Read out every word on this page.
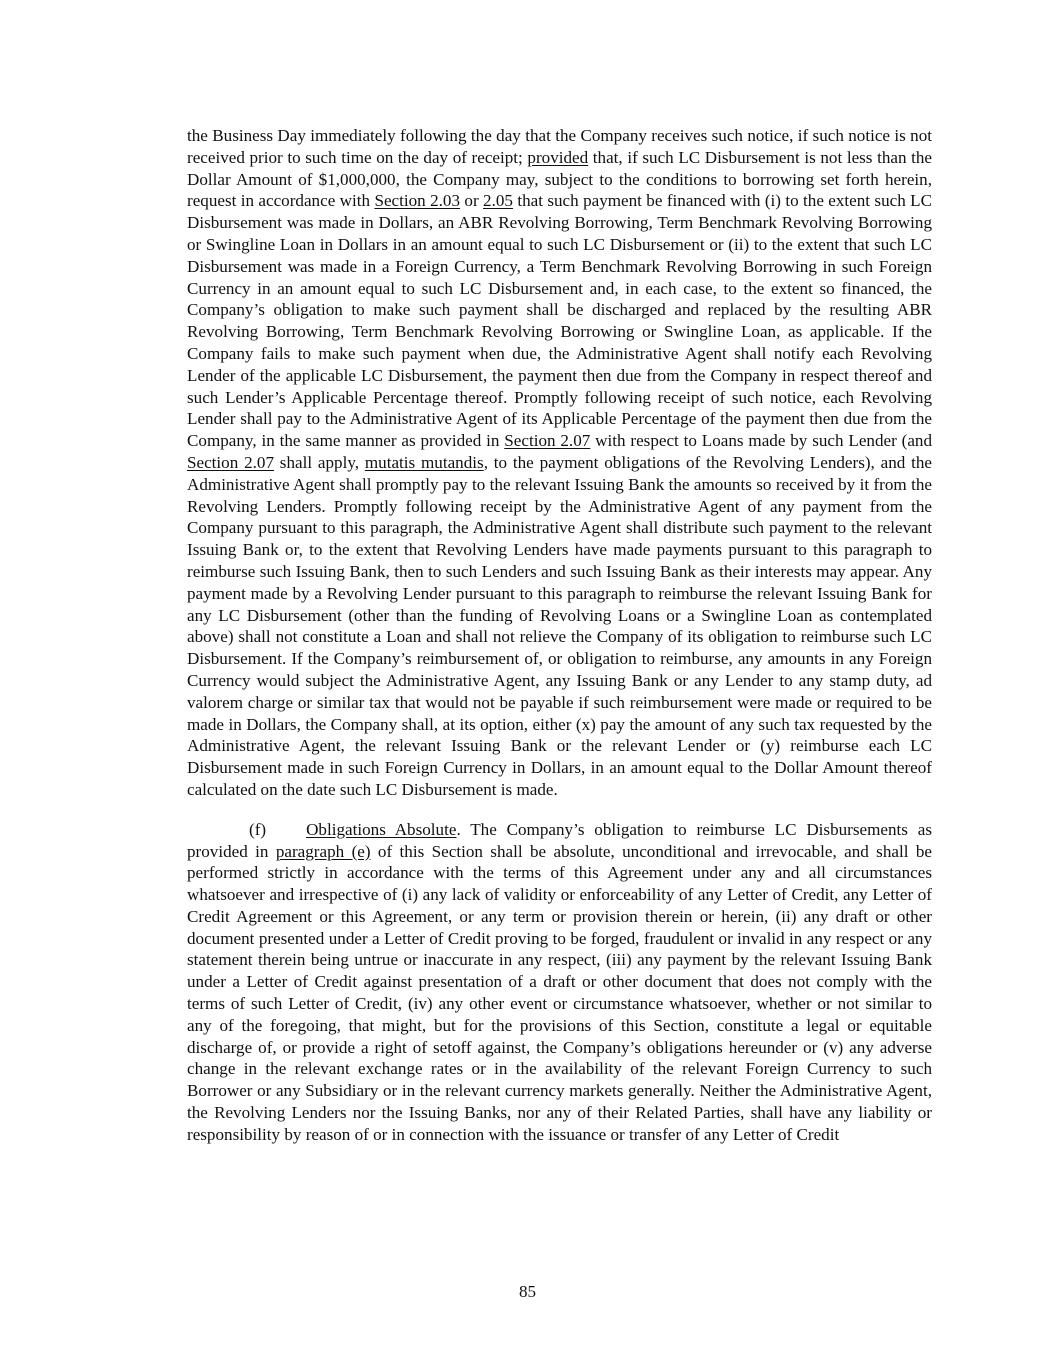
the Business Day immediately following the day that the Company receives such notice, if such notice is not received prior to such time on the day of receipt; provided that, if such LC Disbursement is not less than the Dollar Amount of $1,000,000, the Company may, subject to the conditions to borrowing set forth herein, request in accordance with Section 2.03 or 2.05 that such payment be financed with (i) to the extent such LC Disbursement was made in Dollars, an ABR Revolving Borrowing, Term Benchmark Revolving Borrowing or Swingline Loan in Dollars in an amount equal to such LC Disbursement or (ii) to the extent that such LC Disbursement was made in a Foreign Currency, a Term Benchmark Revolving Borrowing in such Foreign Currency in an amount equal to such LC Disbursement and, in each case, to the extent so financed, the Company’s obligation to make such payment shall be discharged and replaced by the resulting ABR Revolving Borrowing, Term Benchmark Revolving Borrowing or Swingline Loan, as applicable. If the Company fails to make such payment when due, the Administrative Agent shall notify each Revolving Lender of the applicable LC Disbursement, the payment then due from the Company in respect thereof and such Lender’s Applicable Percentage thereof. Promptly following receipt of such notice, each Revolving Lender shall pay to the Administrative Agent of its Applicable Percentage of the payment then due from the Company, in the same manner as provided in Section 2.07 with respect to Loans made by such Lender (and Section 2.07 shall apply, mutatis mutandis, to the payment obligations of the Revolving Lenders), and the Administrative Agent shall promptly pay to the relevant Issuing Bank the amounts so received by it from the Revolving Lenders. Promptly following receipt by the Administrative Agent of any payment from the Company pursuant to this paragraph, the Administrative Agent shall distribute such payment to the relevant Issuing Bank or, to the extent that Revolving Lenders have made payments pursuant to this paragraph to reimburse such Issuing Bank, then to such Lenders and such Issuing Bank as their interests may appear. Any payment made by a Revolving Lender pursuant to this paragraph to reimburse the relevant Issuing Bank for any LC Disbursement (other than the funding of Revolving Loans or a Swingline Loan as contemplated above) shall not constitute a Loan and shall not relieve the Company of its obligation to reimburse such LC Disbursement. If the Company’s reimbursement of, or obligation to reimburse, any amounts in any Foreign Currency would subject the Administrative Agent, any Issuing Bank or any Lender to any stamp duty, ad valorem charge or similar tax that would not be payable if such reimbursement were made or required to be made in Dollars, the Company shall, at its option, either (x) pay the amount of any such tax requested by the Administrative Agent, the relevant Issuing Bank or the relevant Lender or (y) reimburse each LC Disbursement made in such Foreign Currency in Dollars, in an amount equal to the Dollar Amount thereof calculated on the date such LC Disbursement is made.

(f) Obligations Absolute. The Company’s obligation to reimburse LC Disbursements as provided in paragraph (e) of this Section shall be absolute, unconditional and irrevocable, and shall be performed strictly in accordance with the terms of this Agreement under any and all circumstances whatsoever and irrespective of (i) any lack of validity or enforceability of any Letter of Credit, any Letter of Credit Agreement or this Agreement, or any term or provision therein or herein, (ii) any draft or other document presented under a Letter of Credit proving to be forged, fraudulent or invalid in any respect or any statement therein being untrue or inaccurate in any respect, (iii) any payment by the relevant Issuing Bank under a Letter of Credit against presentation of a draft or other document that does not comply with the terms of such Letter of Credit, (iv) any other event or circumstance whatsoever, whether or not similar to any of the foregoing, that might, but for the provisions of this Section, constitute a legal or equitable discharge of, or provide a right of setoff against, the Company’s obligations hereunder or (v) any adverse change in the relevant exchange rates or in the availability of the relevant Foreign Currency to such Borrower or any Subsidiary or in the relevant currency markets generally. Neither the Administrative Agent, the Revolving Lenders nor the Issuing Banks, nor any of their Related Parties, shall have any liability or responsibility by reason of or in connection with the issuance or transfer of any Letter of Credit

85
